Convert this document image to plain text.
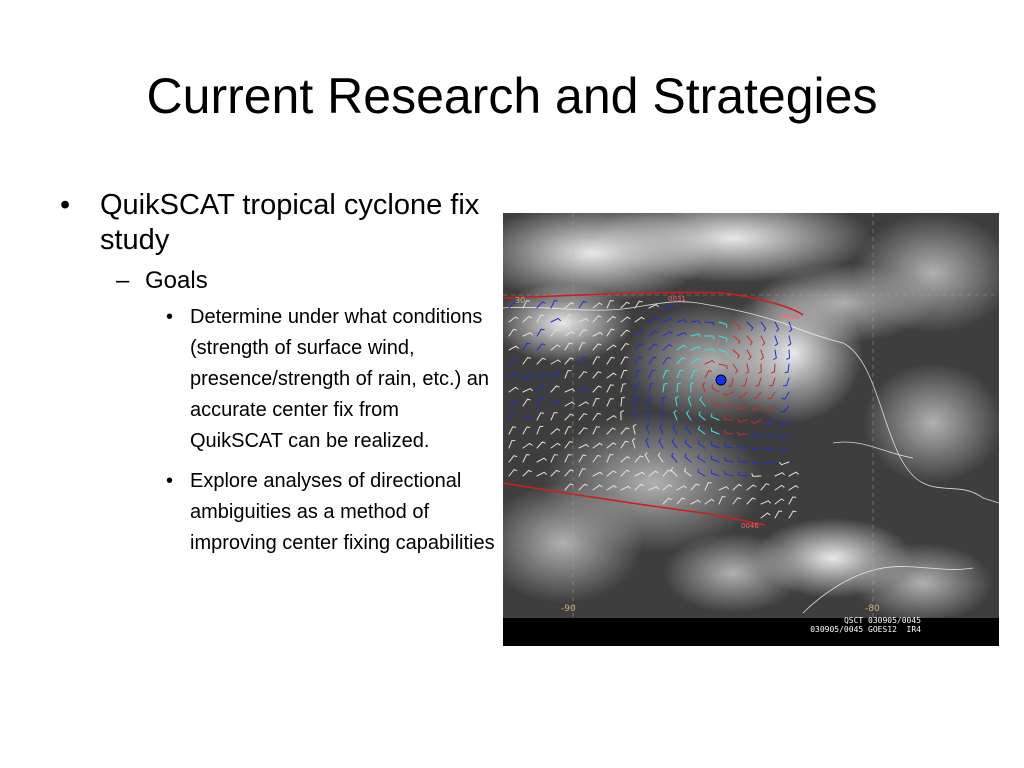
Current Research and Strategies
• QuikSCAT tropical cyclone fix study
– Goals
• Determine under what conditions (strength of surface wind, presence/strength of rain, etc.) an accurate center fix from QuikSCAT can be realized.
• Explore analyses of directional ambiguities as a method of improving center fixing capabilities
30
-90	-80
0031
0016
0046
QSCT 030905/0045
030905/0045 GOES12  IR4
